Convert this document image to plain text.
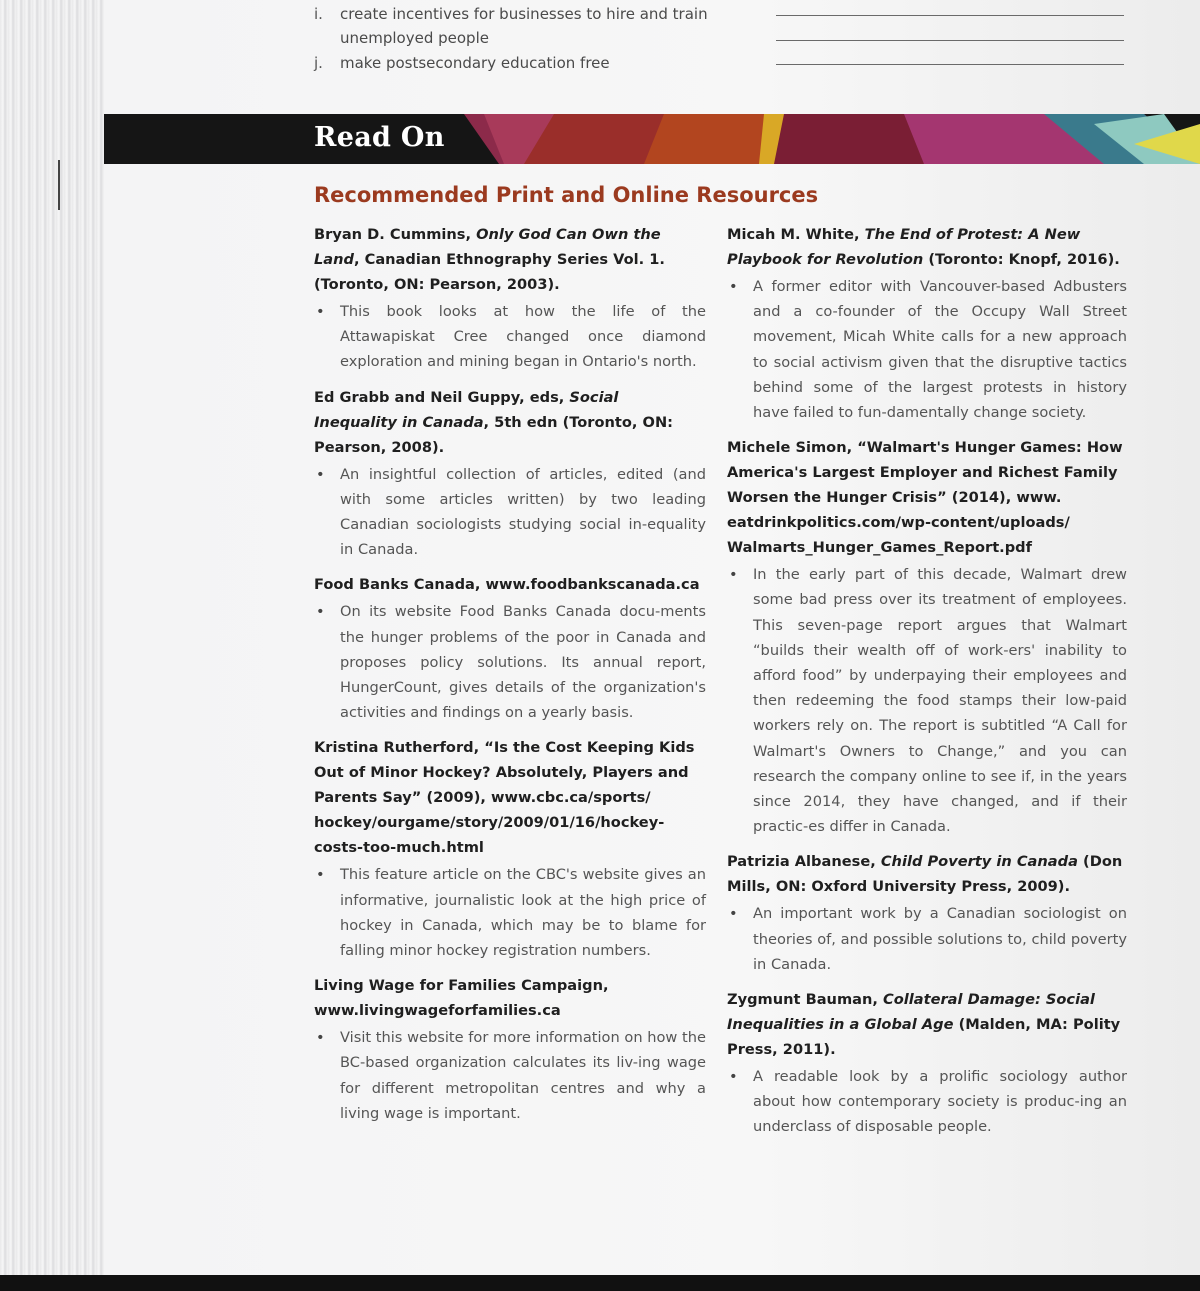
i. create incentives for businesses to hire and train unemployed people
j. make postsecondary education free
Read On
Recommended Print and Online Resources

Bryan D. Cummins, Only God Can Own the Land, Canadian Ethnography Series Vol. 1. (Toronto, ON: Pearson, 2003).

• This book looks at how the life of the Attawapiskat Cree changed once diamond exploration and mining began in Ontario's north.

Ed Grabb and Neil Guppy, eds, Social Inequality in Canada, 5th edn (Toronto, ON: Pearson, 2008).

• An insightful collection of articles, edited (and with some articles written) by two leading Canadian sociologists studying social in-equality in Canada.

Food Banks Canada, www.foodbankscanada.ca

• On its website Food Banks Canada docu-ments the hunger problems of the poor in Canada and proposes policy solutions. Its annual report, HungerCount, gives details of the organization's activities and findings on a yearly basis.

Kristina Rutherford, “Is the Cost Keeping Kids Out of Minor Hockey? Absolutely, Players and Parents Say” (2009), www.cbc.ca/sports/ hockey/ourgame/story/2009/01/16/hockey-costs-too-much.html

• This feature article on the CBC's website gives an informative, journalistic look at the high price of hockey in Canada, which may be to blame for falling minor hockey registration numbers.

Living Wage for Families Campaign, www.livingwageforfamilies.ca

• Visit this website for more information on how the BC-based organization calculates its liv-ing wage for different metropolitan centres and why a living wage is important.

Micah M. White, The End of Protest: A New Playbook for Revolution (Toronto: Knopf, 2016).

• A former editor with Vancouver-based Adbusters and a co-founder of the Occupy Wall Street movement, Micah White calls for a new approach to social activism given that the disruptive tactics behind some of the largest protests in history have failed to fun-damentally change society.

Michele Simon, “Walmart's Hunger Games: How America's Largest Employer and Richest Family Worsen the Hunger Crisis” (2014), www. eatdrinkpolitics.com/wp-content/uploads/ Walmarts_Hunger_Games_Report.pdf

• In the early part of this decade, Walmart drew some bad press over its treatment of employees. This seven-page report argues that Walmart “builds their wealth off of work-ers' inability to afford food” by underpaying their employees and then redeeming the food stamps their low-paid workers rely on. The report is subtitled “A Call for Walmart's Owners to Change,” and you can research the company online to see if, in the years since 2014, they have changed, and if their practic-es differ in Canada.

Patrizia Albanese, Child Poverty in Canada (Don Mills, ON: Oxford University Press, 2009).

• An important work by a Canadian sociologist on theories of, and possible solutions to, child poverty in Canada.

Zygmunt Bauman, Collateral Damage: Social Inequalities in a Global Age (Malden, MA: Polity Press, 2011).

• A readable look by a prolific sociology author about how contemporary society is produc-ing an underclass of disposable people.
